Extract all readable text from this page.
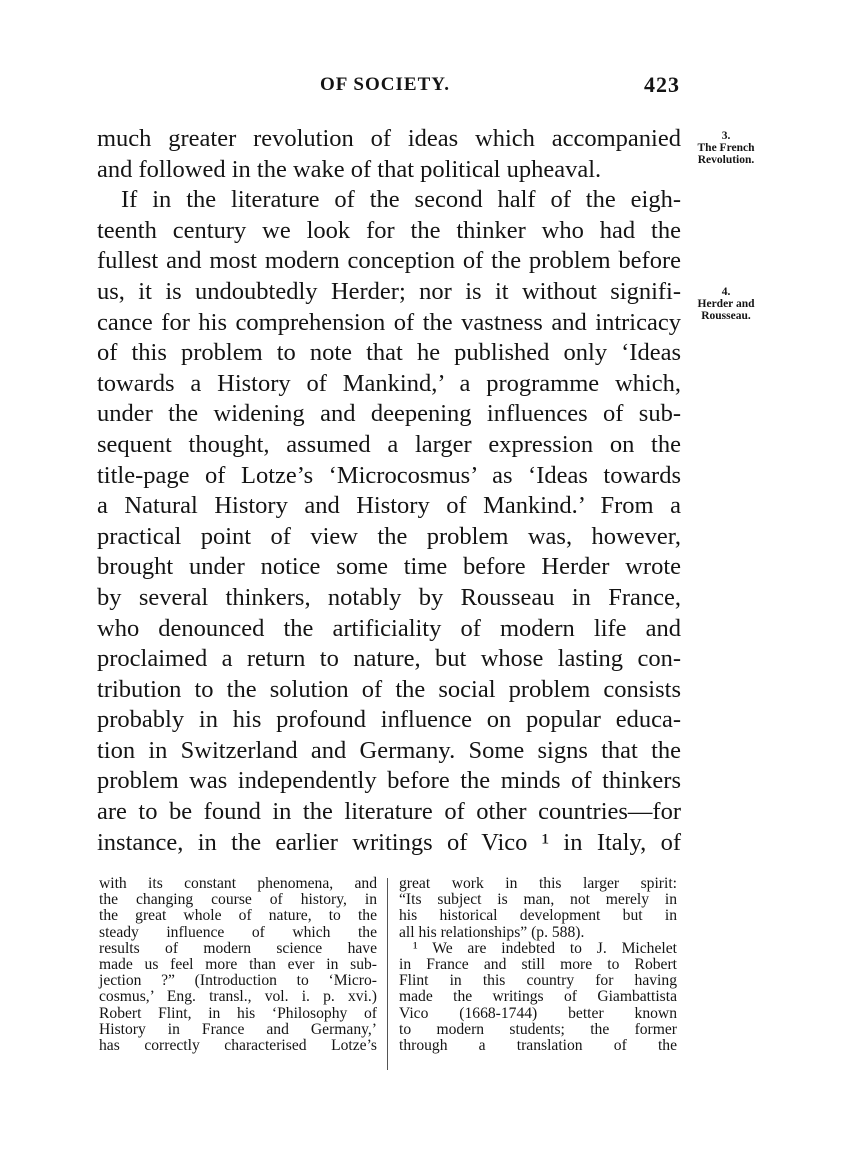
OF SOCIETY.	423
3.
The French Revolution.
4.
Herder and Rousseau.
much greater revolution of ideas which accompanied
and followed in the wake of that political upheaval.
If in the literature of the second half of the eigh-
teenth century we look for the thinker who had the
fullest and most modern conception of the problem before
us, it is undoubtedly Herder; nor is it without signifi-
cance for his comprehension of the vastness and intricacy
of this problem to note that he published only ‘Ideas
towards a History of Mankind,’ a programme which,
under the widening and deepening influences of sub-
sequent thought, assumed a larger expression on the
title-page of Lotze’s ‘Microcosmus’ as ‘Ideas towards
a Natural History and History of Mankind.’ From a
practical point of view the problem was, however,
brought under notice some time before Herder wrote
by several thinkers, notably by Rousseau in France,
who denounced the artificiality of modern life and
proclaimed a return to nature, but whose lasting con-
tribution to the solution of the social problem consists
probably in his profound influence on popular educa-
tion in Switzerland and Germany. Some signs that the
problem was independently before the minds of thinkers
are to be found in the literature of other countries—for
instance, in the earlier writings of Vico ¹ in Italy, of
with its constant phenomena, and
the changing course of history, in
the great whole of nature, to the
steady influence of which the
results of modern science have
made us feel more than ever in sub-
jection ?” (Introduction to ‘Micro-
cosmus,’ Eng. transl., vol. i. p. xvi.)
Robert Flint, in his ‘Philosophy of
History in France and Germany,’
has correctly characterised Lotze’s
great work in this larger spirit:
“Its subject is man, not merely in
his historical development but in
all his relationships” (p. 588).
¹ We are indebted to J. Michelet
in France and still more to Robert
Flint in this country for having
made the writings of Giambattista
Vico (1668-1744) better known
to modern students; the former
through a translation of the
